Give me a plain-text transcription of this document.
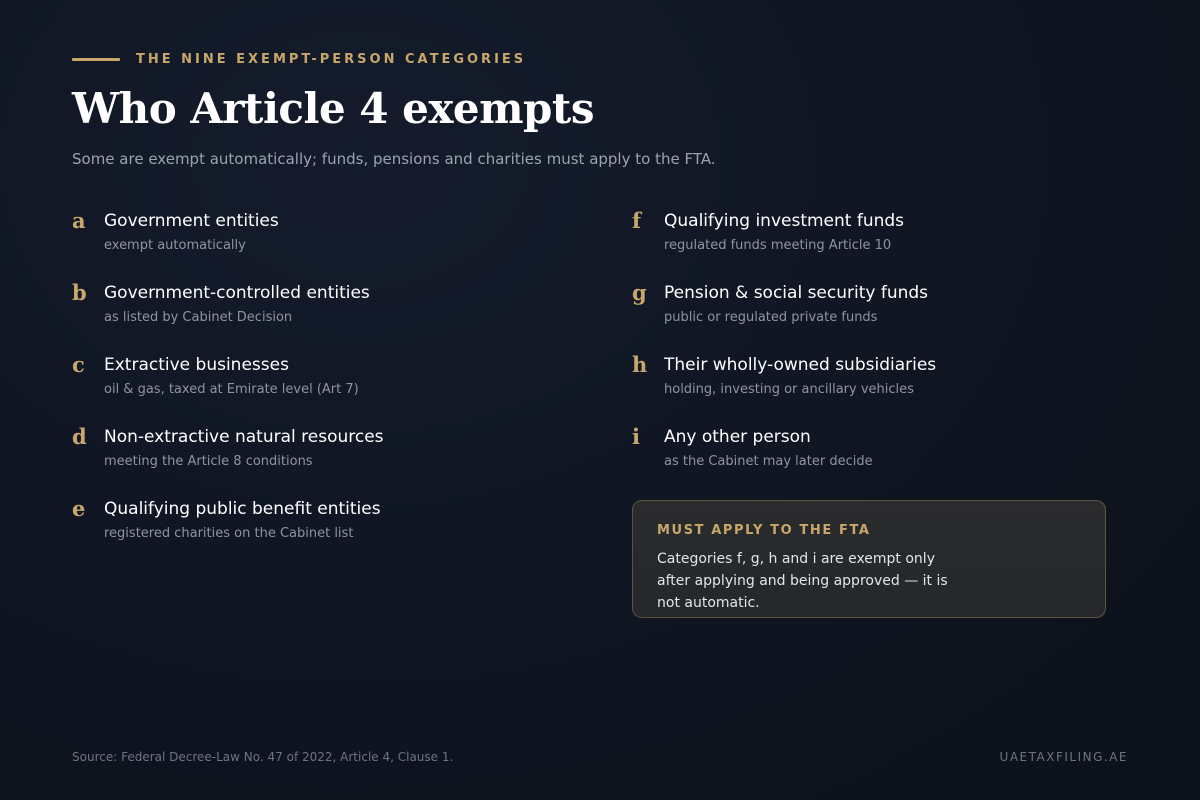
THE NINE EXEMPT-PERSON CATEGORIES
Who Article 4 exempts
Some are exempt automatically; funds, pensions and charities must apply to the FTA.
a Government entities
exempt automatically
b Government-controlled entities
as listed by Cabinet Decision
c Extractive businesses
oil & gas, taxed at Emirate level (Art 7)
d Non-extractive natural resources
meeting the Article 8 conditions
e Qualifying public benefit entities
registered charities on the Cabinet list
f Qualifying investment funds
regulated funds meeting Article 10
g Pension & social security funds
public or regulated private funds
h Their wholly-owned subsidiaries
holding, investing or ancillary vehicles
i Any other person
as the Cabinet may later decide
MUST APPLY TO THE FTA
Categories f, g, h and i are exempt only after applying and being approved — it is not automatic.
Source: Federal Decree-Law No. 47 of 2022, Article 4, Clause 1.	UAETAXFILING.AE
